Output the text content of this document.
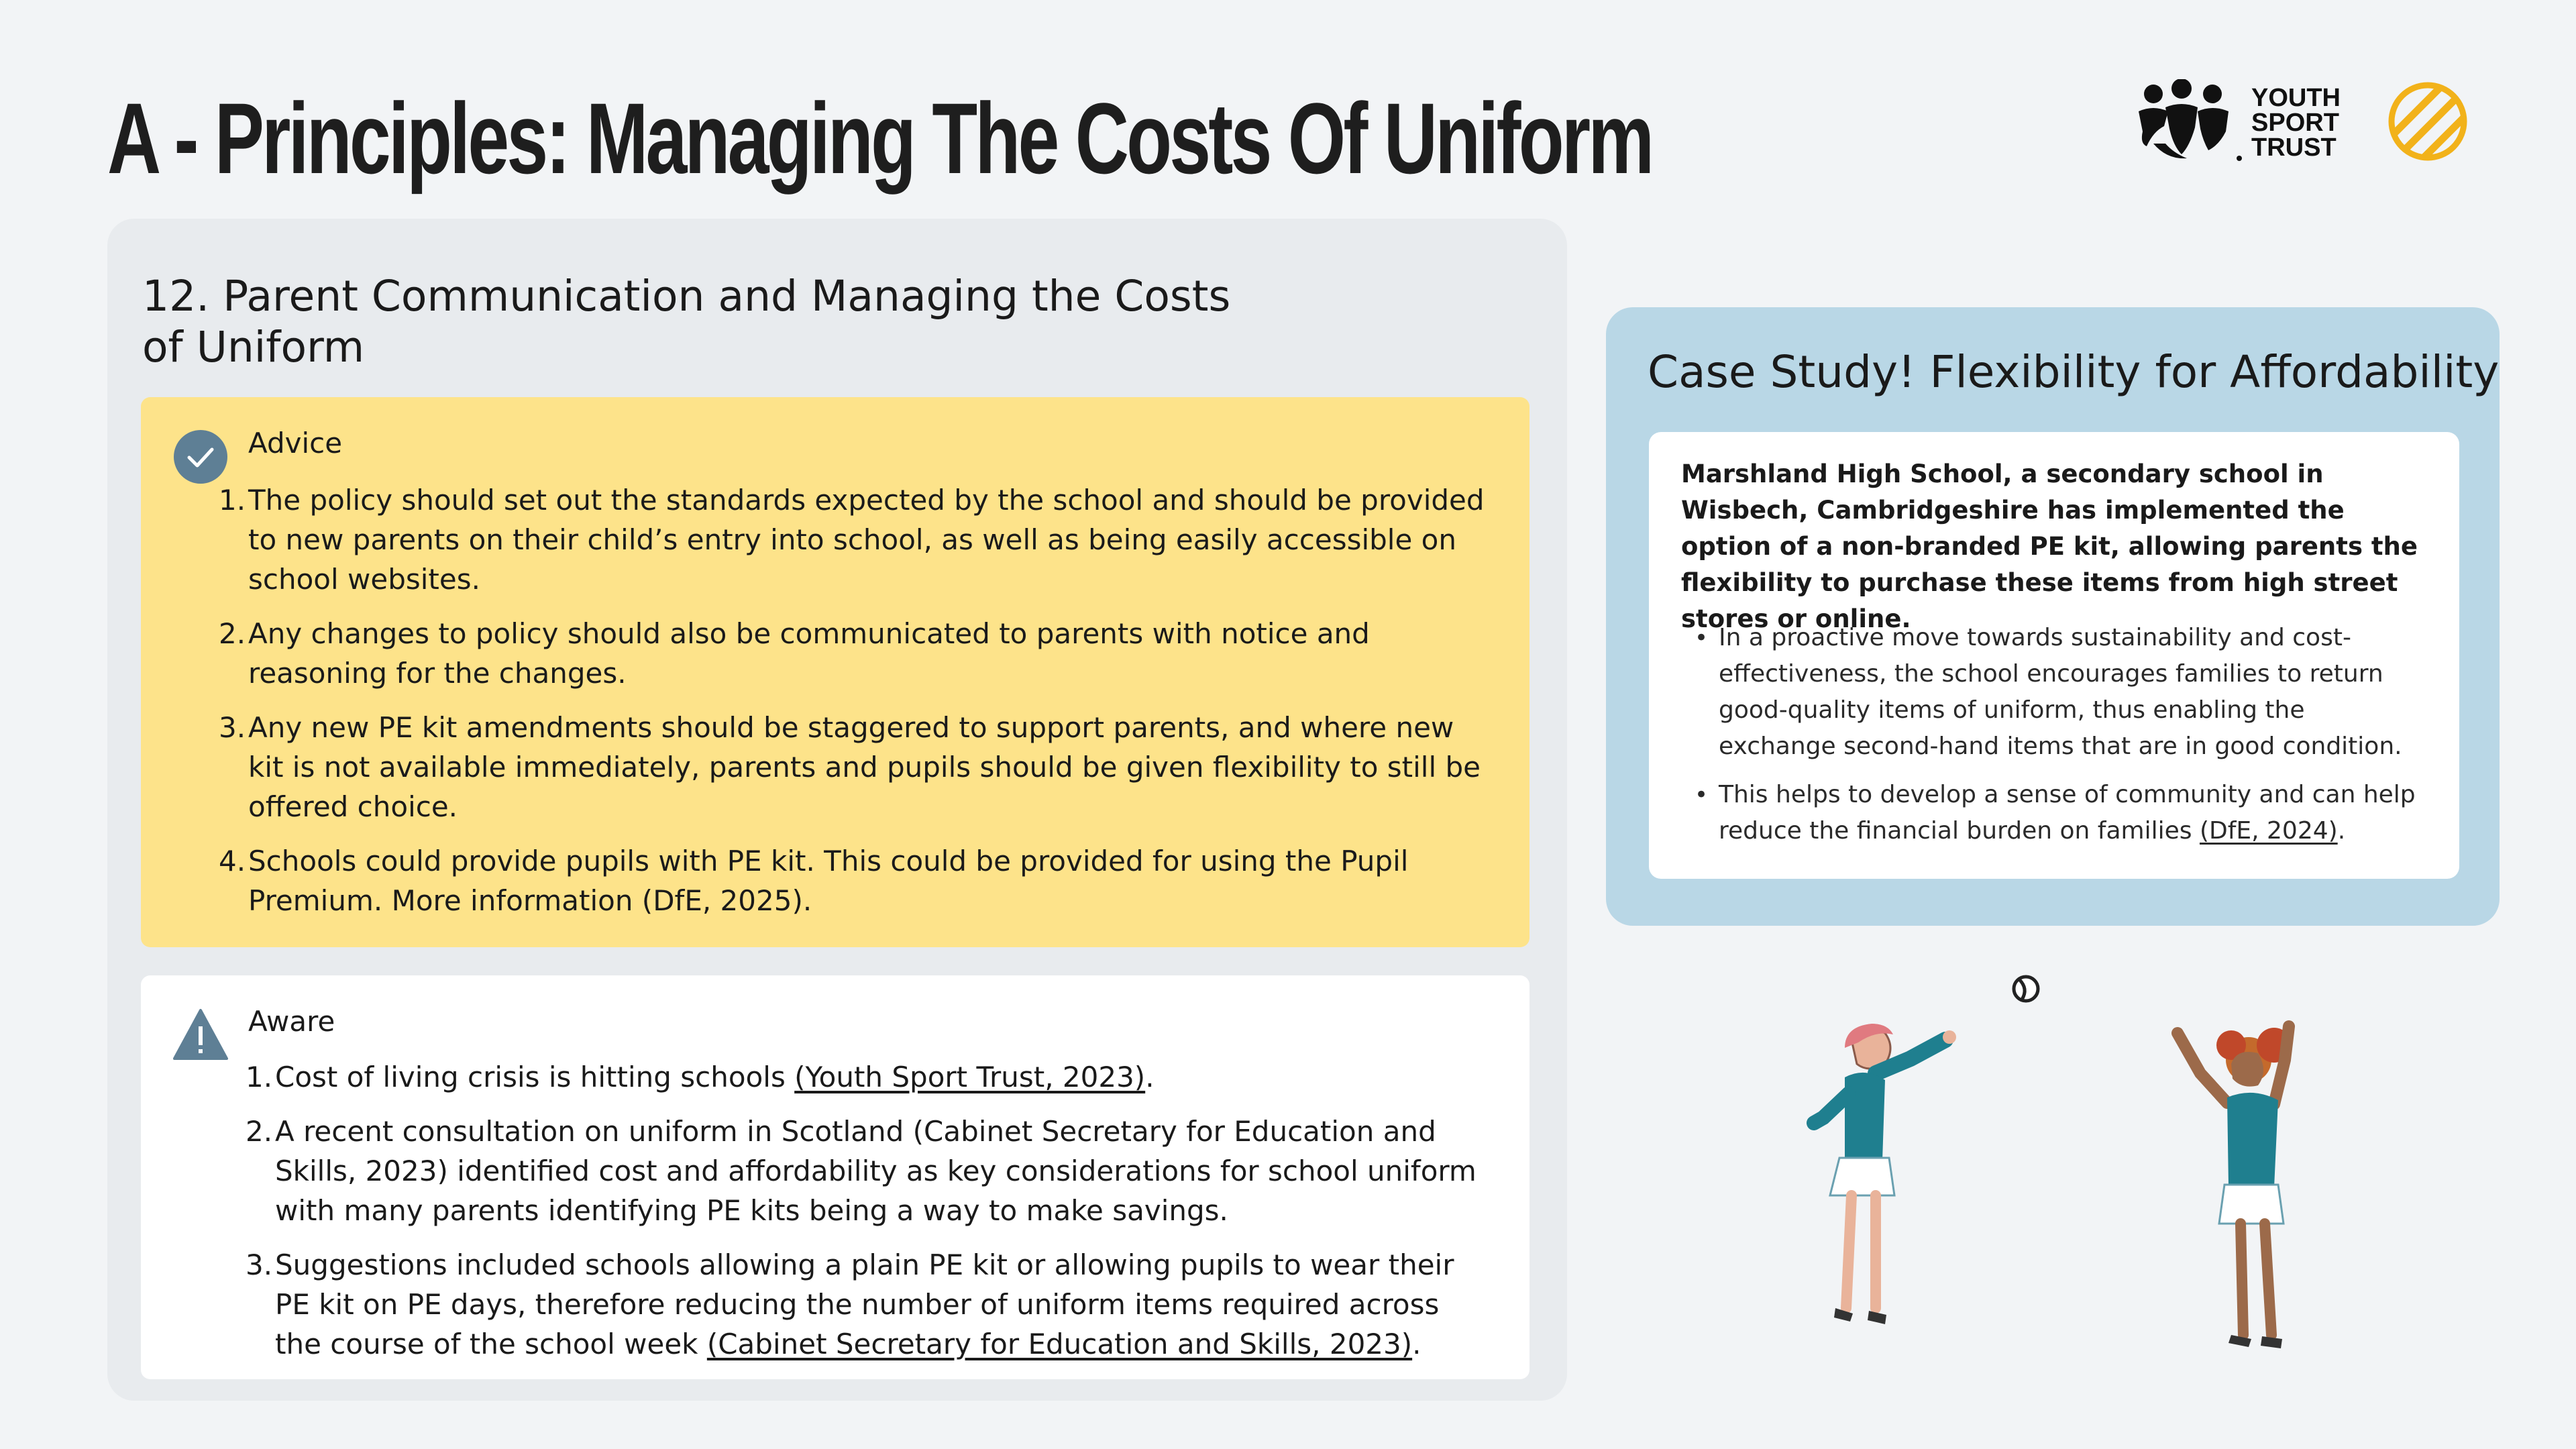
A - Principles: Managing The Costs Of Uniform	YOUTH
SPORT
TRUST
12. Parent Communication and Managing the Costs of Uniform
Advice
The policy should set out the standards expected by the school and should be provided to new parents on their child’s entry into school, as well as being easily accessible on school websites.
Any changes to policy should also be communicated to parents with notice and reasoning for the changes.
Any new PE kit amendments should be staggered to support parents, and where new kit is not available immediately, parents and pupils should be given flexibility to still be offered choice.
Schools could provide pupils with PE kit. This could be provided for using the Pupil Premium. More information (DfE, 2025).
Aware
Cost of living crisis is hitting schools (Youth Sport Trust, 2023).
A recent consultation on uniform in Scotland (Cabinet Secretary for Education and Skills, 2023) identified cost and affordability as key considerations for school uniform with many parents identifying PE kits being a way to make savings.
Suggestions included schools allowing a plain PE kit or allowing pupils to wear their PE kit on PE days, therefore reducing the number of uniform items required across the course of the school week (Cabinet Secretary for Education and Skills, 2023).
Case Study! Flexibility for Affordability
Marshland High School, a secondary school in Wisbech, Cambridgeshire has implemented the option of a non-branded PE kit, allowing parents the flexibility to purchase these items from high street stores or online.
• In a proactive move towards sustainability and cost-effectiveness, the school encourages families to return good-quality items of uniform, thus enabling the exchange second-hand items that are in good condition.
• This helps to develop a sense of community and can help reduce the financial burden on families (DfE, 2024).
